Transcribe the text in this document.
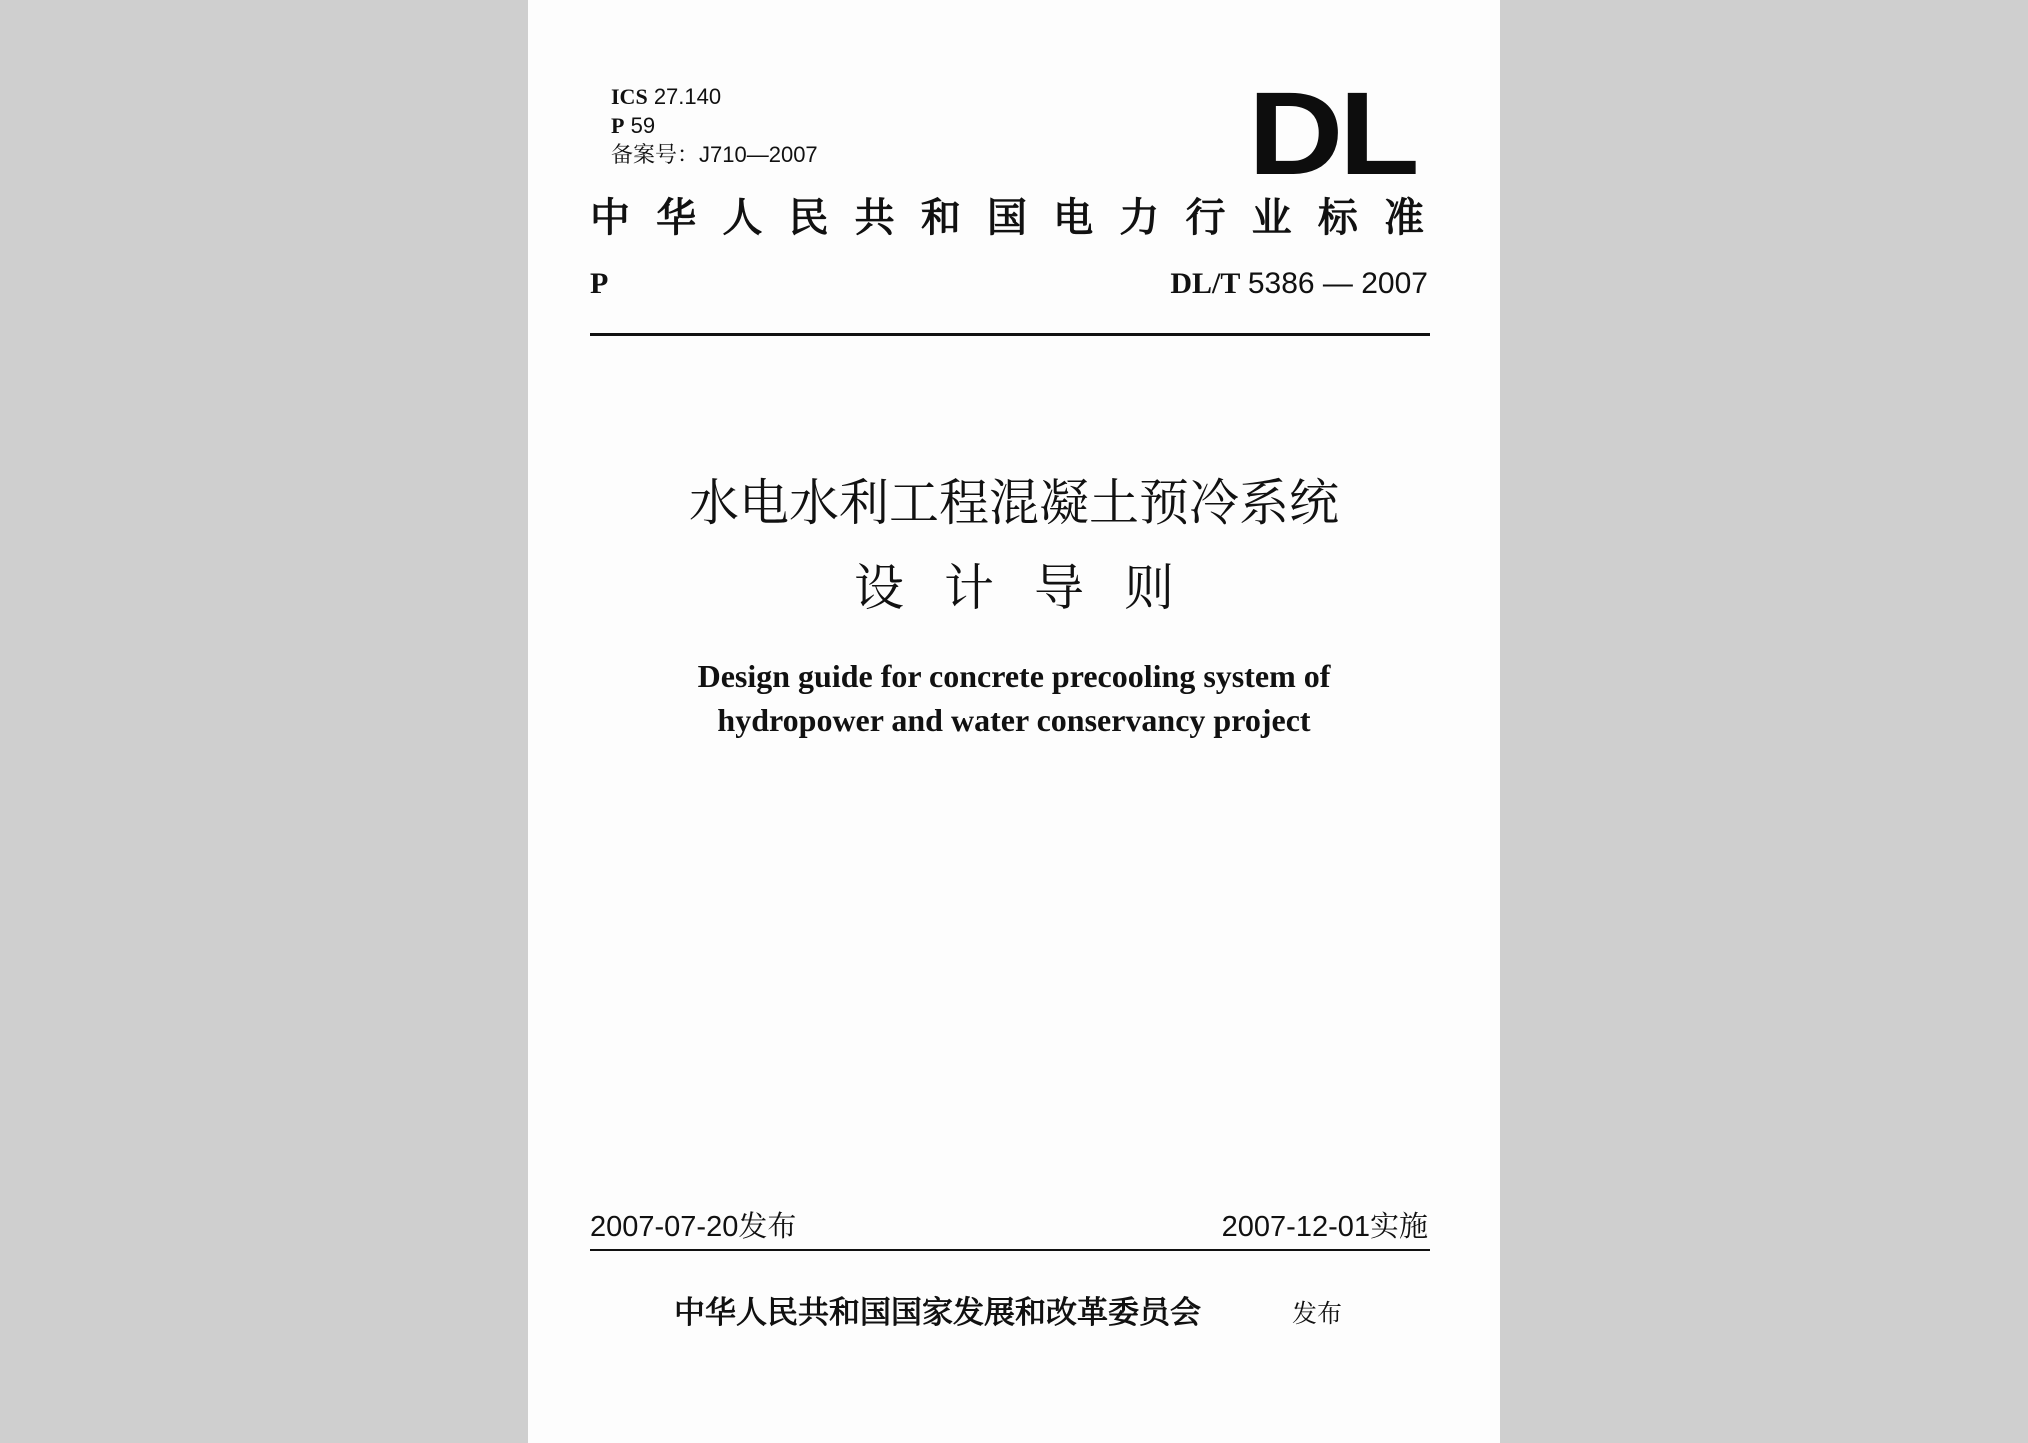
ICS 27.140
P 59
备案号：J710—2007	DL
中华人民共和国电力行业标准
P	DL/T 5386 — 2007
水电水利工程混凝土预冷系统
设计导则
Design guide for concrete precooling system of
hydropower and water conservancy project
2007-07-20发布	2007-12-01实施
中华人民共和国国家发展和改革委员会	发布
